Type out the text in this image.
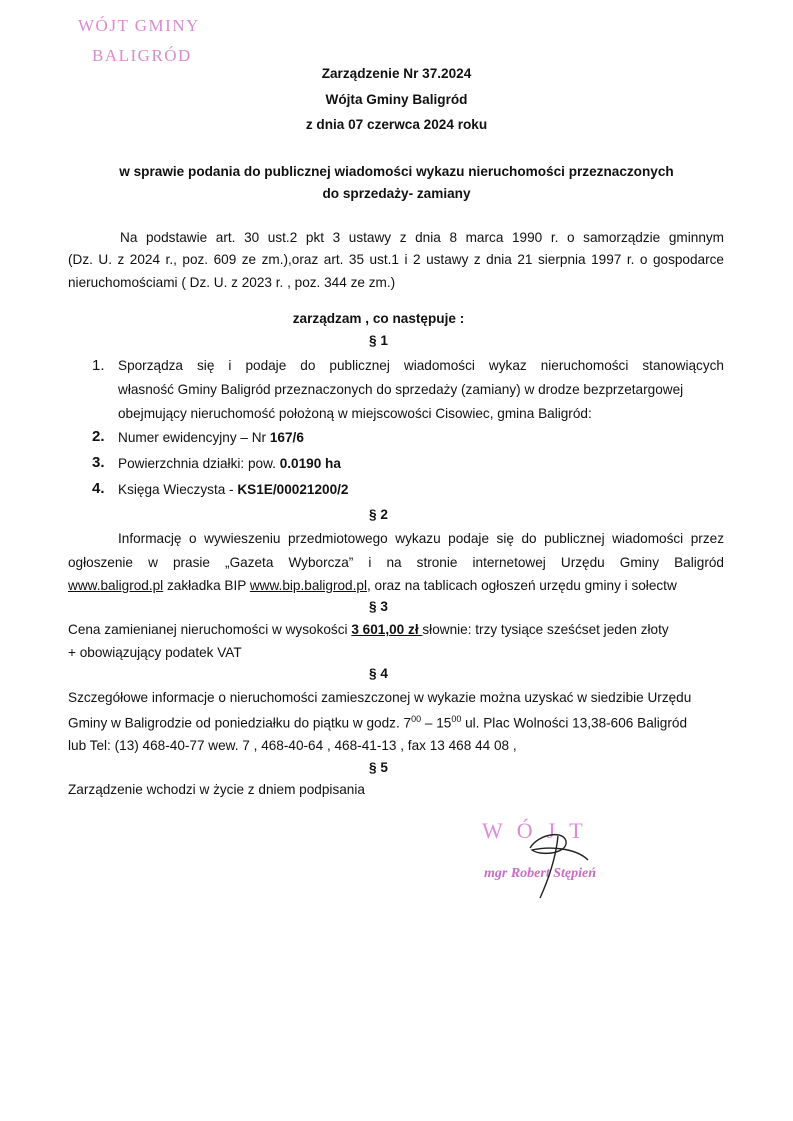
WÓJT GMINY
BALIGRÓD
Zarządzenie Nr 37.2024
Wójta Gminy Baligród
z dnia 07 czerwca 2024 roku
w sprawie podania do publicznej wiadomości wykazu nieruchomości przeznaczonych
do sprzedaży- zamiany
Na podstawie art. 30 ust.2 pkt 3 ustawy z dnia 8 marca 1990 r. o samorządzie gminnym
(Dz. U. z 2024 r., poz. 609 ze zm.),oraz art. 35 ust.1 i 2 ustawy z dnia 21 sierpnia 1997 r. o gospodarce
nieruchomościami ( Dz. U. z 2023 r. , poz. 344 ze zm.)
zarządzam , co następuje :
§ 1
1. Sporządza się i podaje do publicznej wiadomości wykaz nieruchomości stanowiących
własność Gminy Baligród przeznaczonych do sprzedaży (zamiany) w drodze bezprzetargowej
obejmujący nieruchomość położoną w miejscowości Cisowiec, gmina Baligród:
2. Numer ewidencyjny – Nr 167/6
3. Powierzchnia działki: pow. 0.0190 ha
4. Księga Wieczysta - KS1E/00021200/2
§ 2
Informację o wywieszeniu przedmiotowego wykazu podaje się do publicznej wiadomości przez
ogłoszenie w prasie „Gazeta Wyborcza” i na stronie internetowej Urzędu Gminy Baligród
www.baligrod.pl zakładka BIP www.bip.baligrod.pl, oraz na tablicach ogłoszeń urzędu gminy i sołectw
§ 3
Cena zamienianej nieruchomości w wysokości 3 601,00 zł słownie: trzy tysiące sześćset jeden złoty
+ obowiązujący podatek VAT
§ 4
Szczegółowe informacje o nieruchomości zamieszczonej w wykazie można uzyskać w siedzibie Urzędu
Gminy w Baligrodzie od poniedziałku do piątku w godz. $7^{00} - 15^{00}$ ul. Plac Wolności 13,38-606 Baligród
lub Tel: (13) 468-40-77 wew. 7 , 468-40-64 , 468-41-13 , fax 13 468 44 08 ,
§ 5
Zarządzenie wchodzi w życie z dniem podpisania
WÓJT
mgr Robert Stępień
